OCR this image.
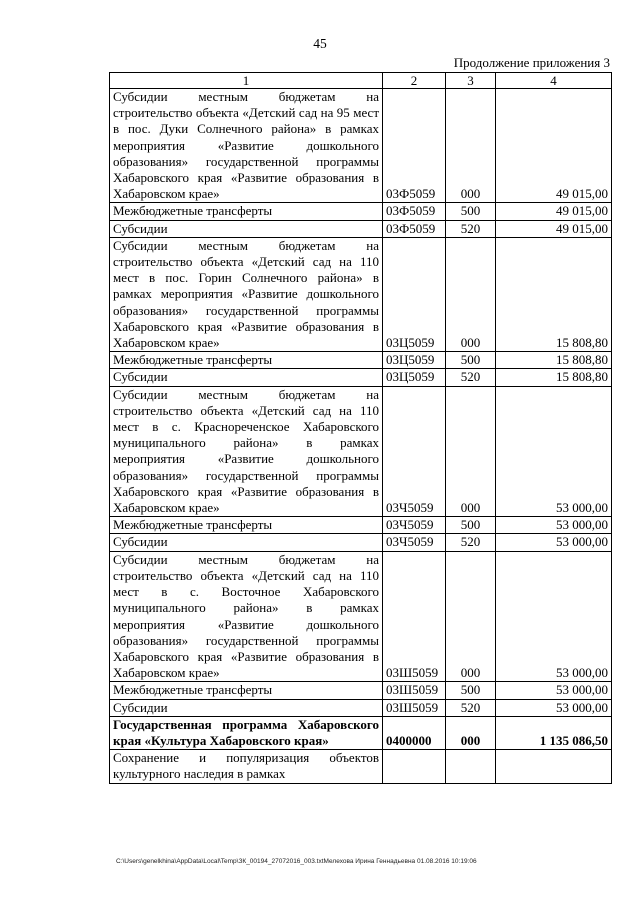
45
Продолжение приложения 3
1	2	3	4
Субсидии местным бюджетам на строительство объекта «Детский сад на 95 мест в пос. Дуки Солнечного района» в рамках мероприятия «Развитие дошкольного образования» государственной программы Хабаровского края «Развитие образования в Хабаровском крае»	03Ф5059	000	49 015,00
Межбюджетные трансферты	03Ф5059	500	49 015,00
Субсидии	03Ф5059	520	49 015,00
Субсидии местным бюджетам на строительство объекта «Детский сад на 110 мест в пос. Горин Солнечного района» в рамках мероприятия «Развитие дошкольного образования» государственной программы Хабаровского края «Развитие образования в Хабаровском крае»	03Ц5059	000	15 808,80
Межбюджетные трансферты	03Ц5059	500	15 808,80
Субсидии	03Ц5059	520	15 808,80
Субсидии местным бюджетам на строительство объекта «Детский сад на 110 мест в с. Краснореченское Хабаровского муниципального района» в рамках мероприятия «Развитие дошкольного образования» государственной программы Хабаровского края «Развитие образования в Хабаровском крае»	03Ч5059	000	53 000,00
Межбюджетные трансферты	03Ч5059	500	53 000,00
Субсидии	03Ч5059	520	53 000,00
Субсидии местным бюджетам на строительство объекта «Детский сад на 110 мест в с. Восточное Хабаровского муниципального района» в рамках мероприятия «Развитие дошкольного образования» государственной программы Хабаровского края «Развитие образования в Хабаровском крае»	03Ш5059	000	53 000,00
Межбюджетные трансферты	03Ш5059	500	53 000,00
Субсидии	03Ш5059	520	53 000,00
Государственная программа Хабаровского края «Культура Хабаровского края»	0400000	000	1 135 086,50
Сохранение и популяризация объектов культурного наследия в рамках			
C:\Users\genelkhina\AppData\Local\Temp\ЗК_00194_27072016_003.txtМелехова Ирина Геннадьевна 01.08.2016 10:19:06
